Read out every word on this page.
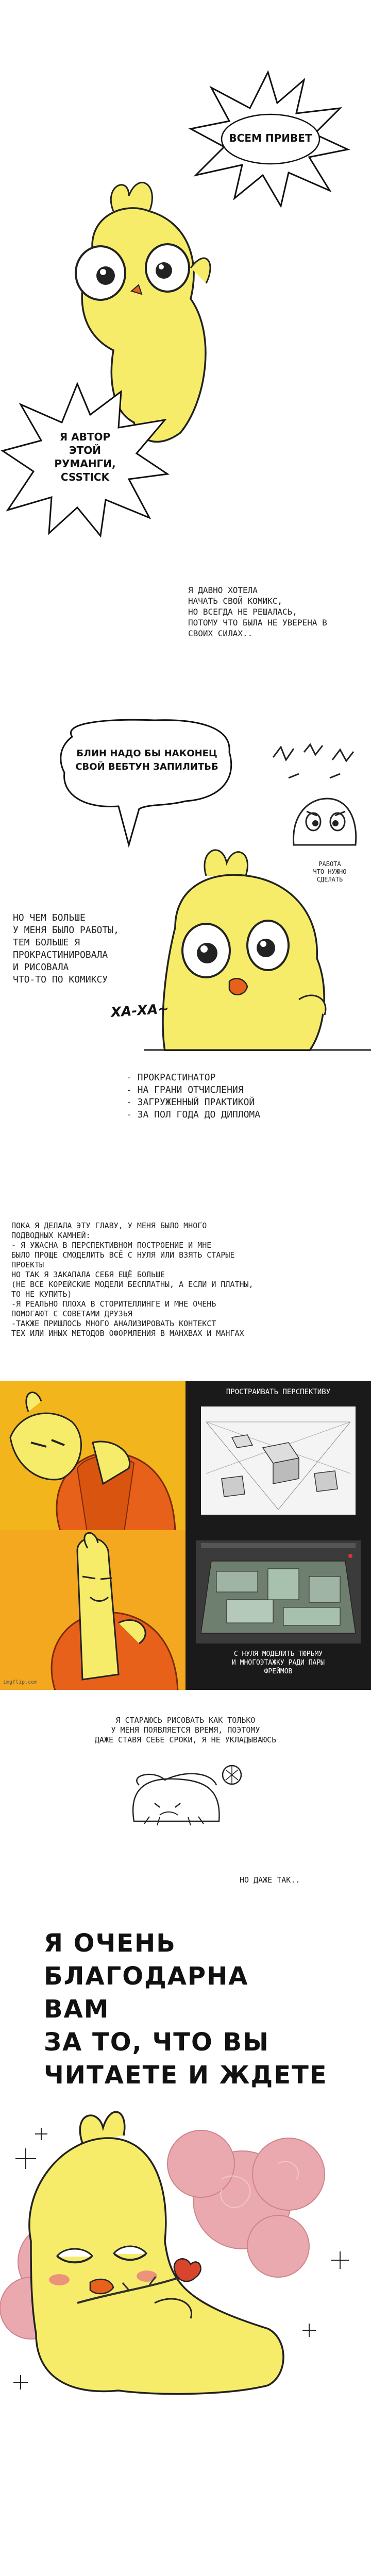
ВСЕМ ПРИВЕТ
Я АВТОР
ЭТОЙ
РУМАНГИ,
CSSTICK
Я ДАВНО ХОТЕЛА
НАЧАТЬ СВОЙ КОМИКС,
НО ВСЕГДА НЕ РЕШАЛАСЬ,
ПОТОМУ ЧТО БЫЛА НЕ УВЕРЕНА В
СВОИХ СИЛАХ..
БЛИН НАДО БЫ НАКОНЕЦ
СВОЙ ВЕБТУН ЗАПИЛИТЬБ
РАБОТА
ЧТО НУЖНО
СДЕЛАТЬ
НО ЧЕМ БОЛЬШЕ
У МЕНЯ БЫЛО РАБОТЫ,
ТЕМ БОЛЬШЕ Я
ПРОКРАСТИНИРОВАЛА
И РИСОВАЛА
ЧТО-ТО ПО КОМИКСУ
ХА-ХА~
- ПРОКРАСТИНАТОР
- НА ГРАНИ ОТЧИСЛЕНИЯ
- ЗАГРУЖЕННЫЙ ПРАКТИКОЙ
- ЗА ПОЛ ГОДА ДО ДИПЛОМА
ПОКА Я ДЕЛАЛА ЭТУ ГЛАВУ, У МЕНЯ БЫЛО МНОГО
ПОДВОДНЫХ КАМНЕЙ:
- Я УЖАСНА В ПЕРСПЕКТИВНОМ ПОСТРОЕНИЕ И МНЕ
БЫЛО ПРОЩЕ СМОДЕЛИТЬ ВСЁ С НУЛЯ ИЛИ ВЗЯТЬ СТАРЫЕ
ПРОЕКТЫ
НО ТАК Я ЗАКАПАЛА СЕБЯ ЕЩЁ БОЛЬШЕ
(НЕ ВСЕ КОРЕЙСКИЕ МОДЕЛИ БЕСПЛАТНЫ, А ЕСЛИ И ПЛАТНЫ,
ТО НЕ КУПИТЬ)
-Я РЕАЛЬНО ПЛОХА В СТОРИТЕЛЛИНГЕ И МНЕ ОЧЕНЬ
ПОМОГАЮТ С СОВЕТАМИ ДРУЗЬЯ
-ТАКЖЕ ПРИШЛОСЬ МНОГО АНАЛИЗИРОВАТЬ КОНТЕКСТ
ТЕХ ИЛИ ИНЫХ МЕТОДОВ ОФОРМЛЕНИЯ В МАНХВАХ И МАНГАХ
ПРОСТРАИВАТЬ ПЕРСПЕКТИВУ
imgflip.com
С НУЛЯ МОДЕЛИТЬ ТЮРЬМУ
И МНОГОЭТАЖКУ РАДИ ПАРЫ
ФРЕЙМОВ
Я СТАРАЮСЬ РИСОВАТЬ КАК ТОЛЬКО
У МЕНЯ ПОЯВЛЯЕТСЯ ВРЕМЯ, ПОЭТОМУ
ДАЖЕ СТАВЯ СЕБЕ СРОКИ, Я НЕ УКЛАДЫВАЮСЬ
НО ДАЖЕ ТАК..
Я ОЧЕНЬ
БЛАГОДАРНА
ВАМ
ЗА ТО, ЧТО ВЫ
ЧИТАЕТЕ И ЖДЕТЕ
